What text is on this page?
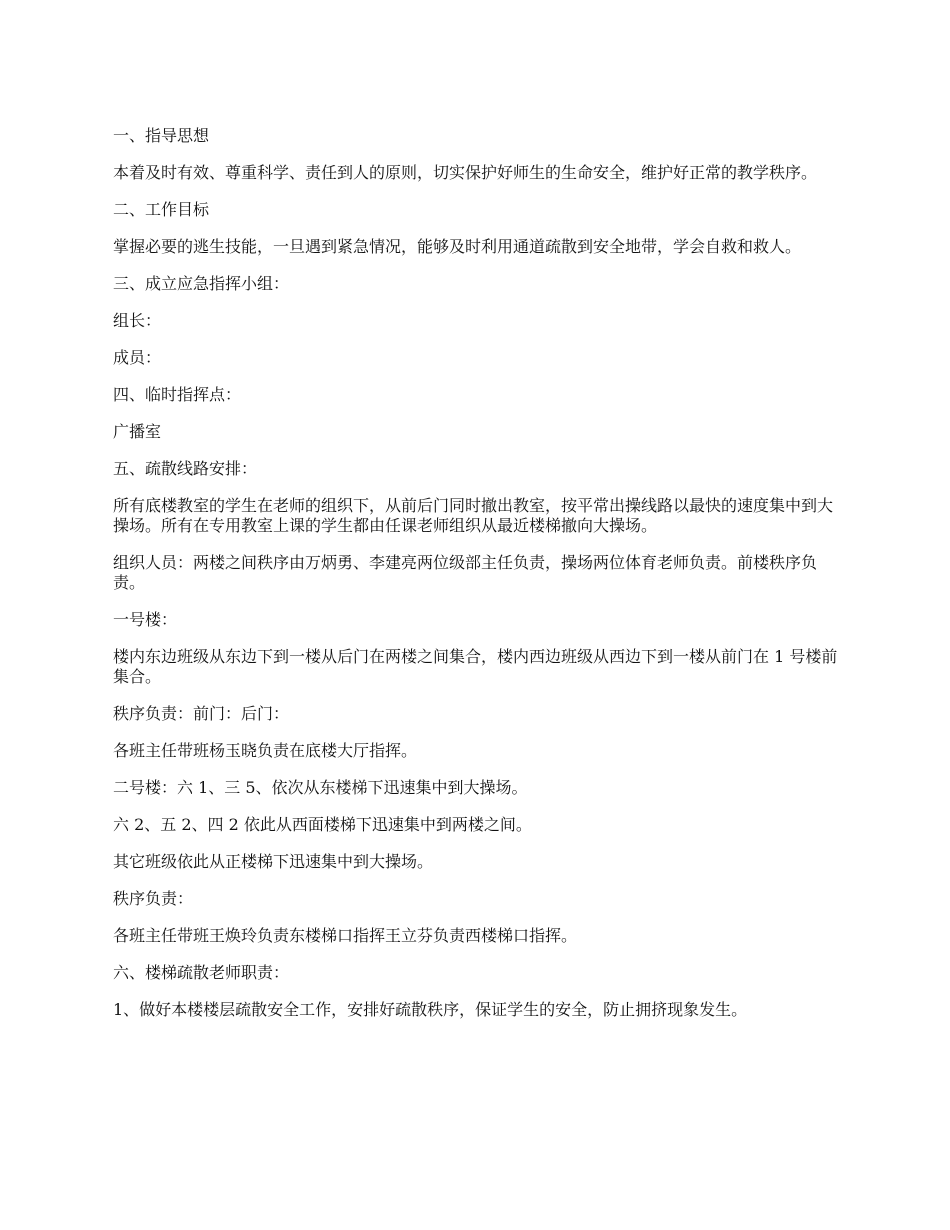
一、指导思想

本着及时有效、尊重科学、责任到人的原则，切实保护好师生的生命安全，维护好正常的教学秩序。

二、工作目标

掌握必要的逃生技能，一旦遇到紧急情况，能够及时利用通道疏散到安全地带，学会自救和救人。

三、成立应急指挥小组：

组长：

成员：

四、临时指挥点：

广播室

五、疏散线路安排：

所有底楼教室的学生在老师的组织下，从前后门同时撤出教室，按平常出操线路以最快的速度集中到大操场。所有在专用教室上课的学生都由任课老师组织从最近楼梯撤向大操场。

组织人员：两楼之间秩序由万炳勇、李建亮两位级部主任负责，操场两位体育老师负责。前楼秩序负责。

一号楼：

楼内东边班级从东边下到一楼从后门在两楼之间集合，楼内西边班级从西边下到一楼从前门在 1 号楼前集合。

秩序负责：前门：后门：

各班主任带班杨玉晓负责在底楼大厅指挥。

二号楼：六 1、三 5、依次从东楼梯下迅速集中到大操场。

六 2、五 2、四 2 依此从西面楼梯下迅速集中到两楼之间。

其它班级依此从正楼梯下迅速集中到大操场。

秩序负责：

各班主任带班王焕玲负责东楼梯口指挥王立芬负责西楼梯口指挥。

六、楼梯疏散老师职责：

1、做好本楼楼层疏散安全工作，安排好疏散秩序，保证学生的安全，防止拥挤现象发生。
